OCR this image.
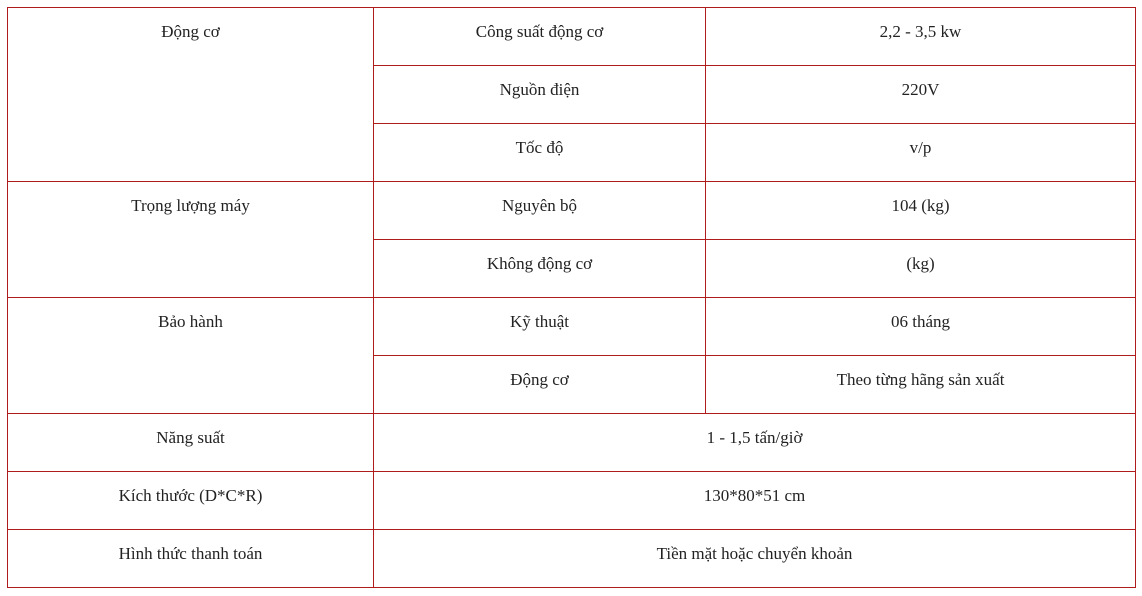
Động cơ	Công suất động cơ	2,2 - 3,5 kw

	Nguồn điện	220V

	Tốc độ	v/p

Trọng lượng máy	Nguyên bộ	104 (kg)

	Không động cơ	(kg)

Bảo hành	Kỹ thuật	06 tháng

	Động cơ	Theo từng hãng sản xuất

Năng suất	1 - 1,5 tấn/giờ	

Kích thước (D*C*R)	130*80*51 cm	

Hình thức thanh toán	Tiền mặt hoặc chuyển khoản	
